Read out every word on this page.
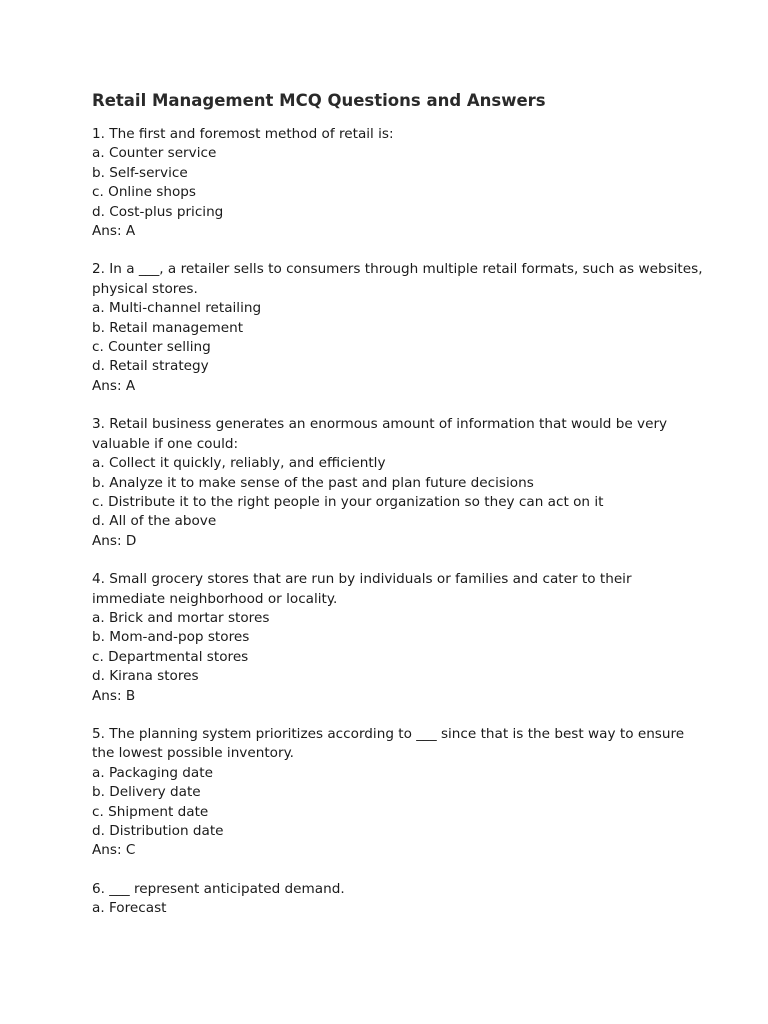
Retail Management MCQ Questions and Answers

1. The first and foremost method of retail is:

a. Counter service

b. Self-service

c. Online shops

d. Cost-plus pricing

Ans: A

2. In a ___, a retailer sells to consumers through multiple retail formats, such as websites, physical stores.

a. Multi-channel retailing

b. Retail management

c. Counter selling

d. Retail strategy

Ans: A

3. Retail business generates an enormous amount of information that would be very valuable if one could:

a. Collect it quickly, reliably, and efficiently

b. Analyze it to make sense of the past and plan future decisions

c. Distribute it to the right people in your organization so they can act on it

d. All of the above

Ans: D

4. Small grocery stores that are run by individuals or families and cater to their immediate neighborhood or locality.

a. Brick and mortar stores

b. Mom-and-pop stores

c. Departmental stores

d. Kirana stores

Ans: B

5. The planning system prioritizes according to ___ since that is the best way to ensure the lowest possible inventory.

a. Packaging date

b. Delivery date

c. Shipment date

d. Distribution date

Ans: C

6. ___ represent anticipated demand.

a. Forecast
